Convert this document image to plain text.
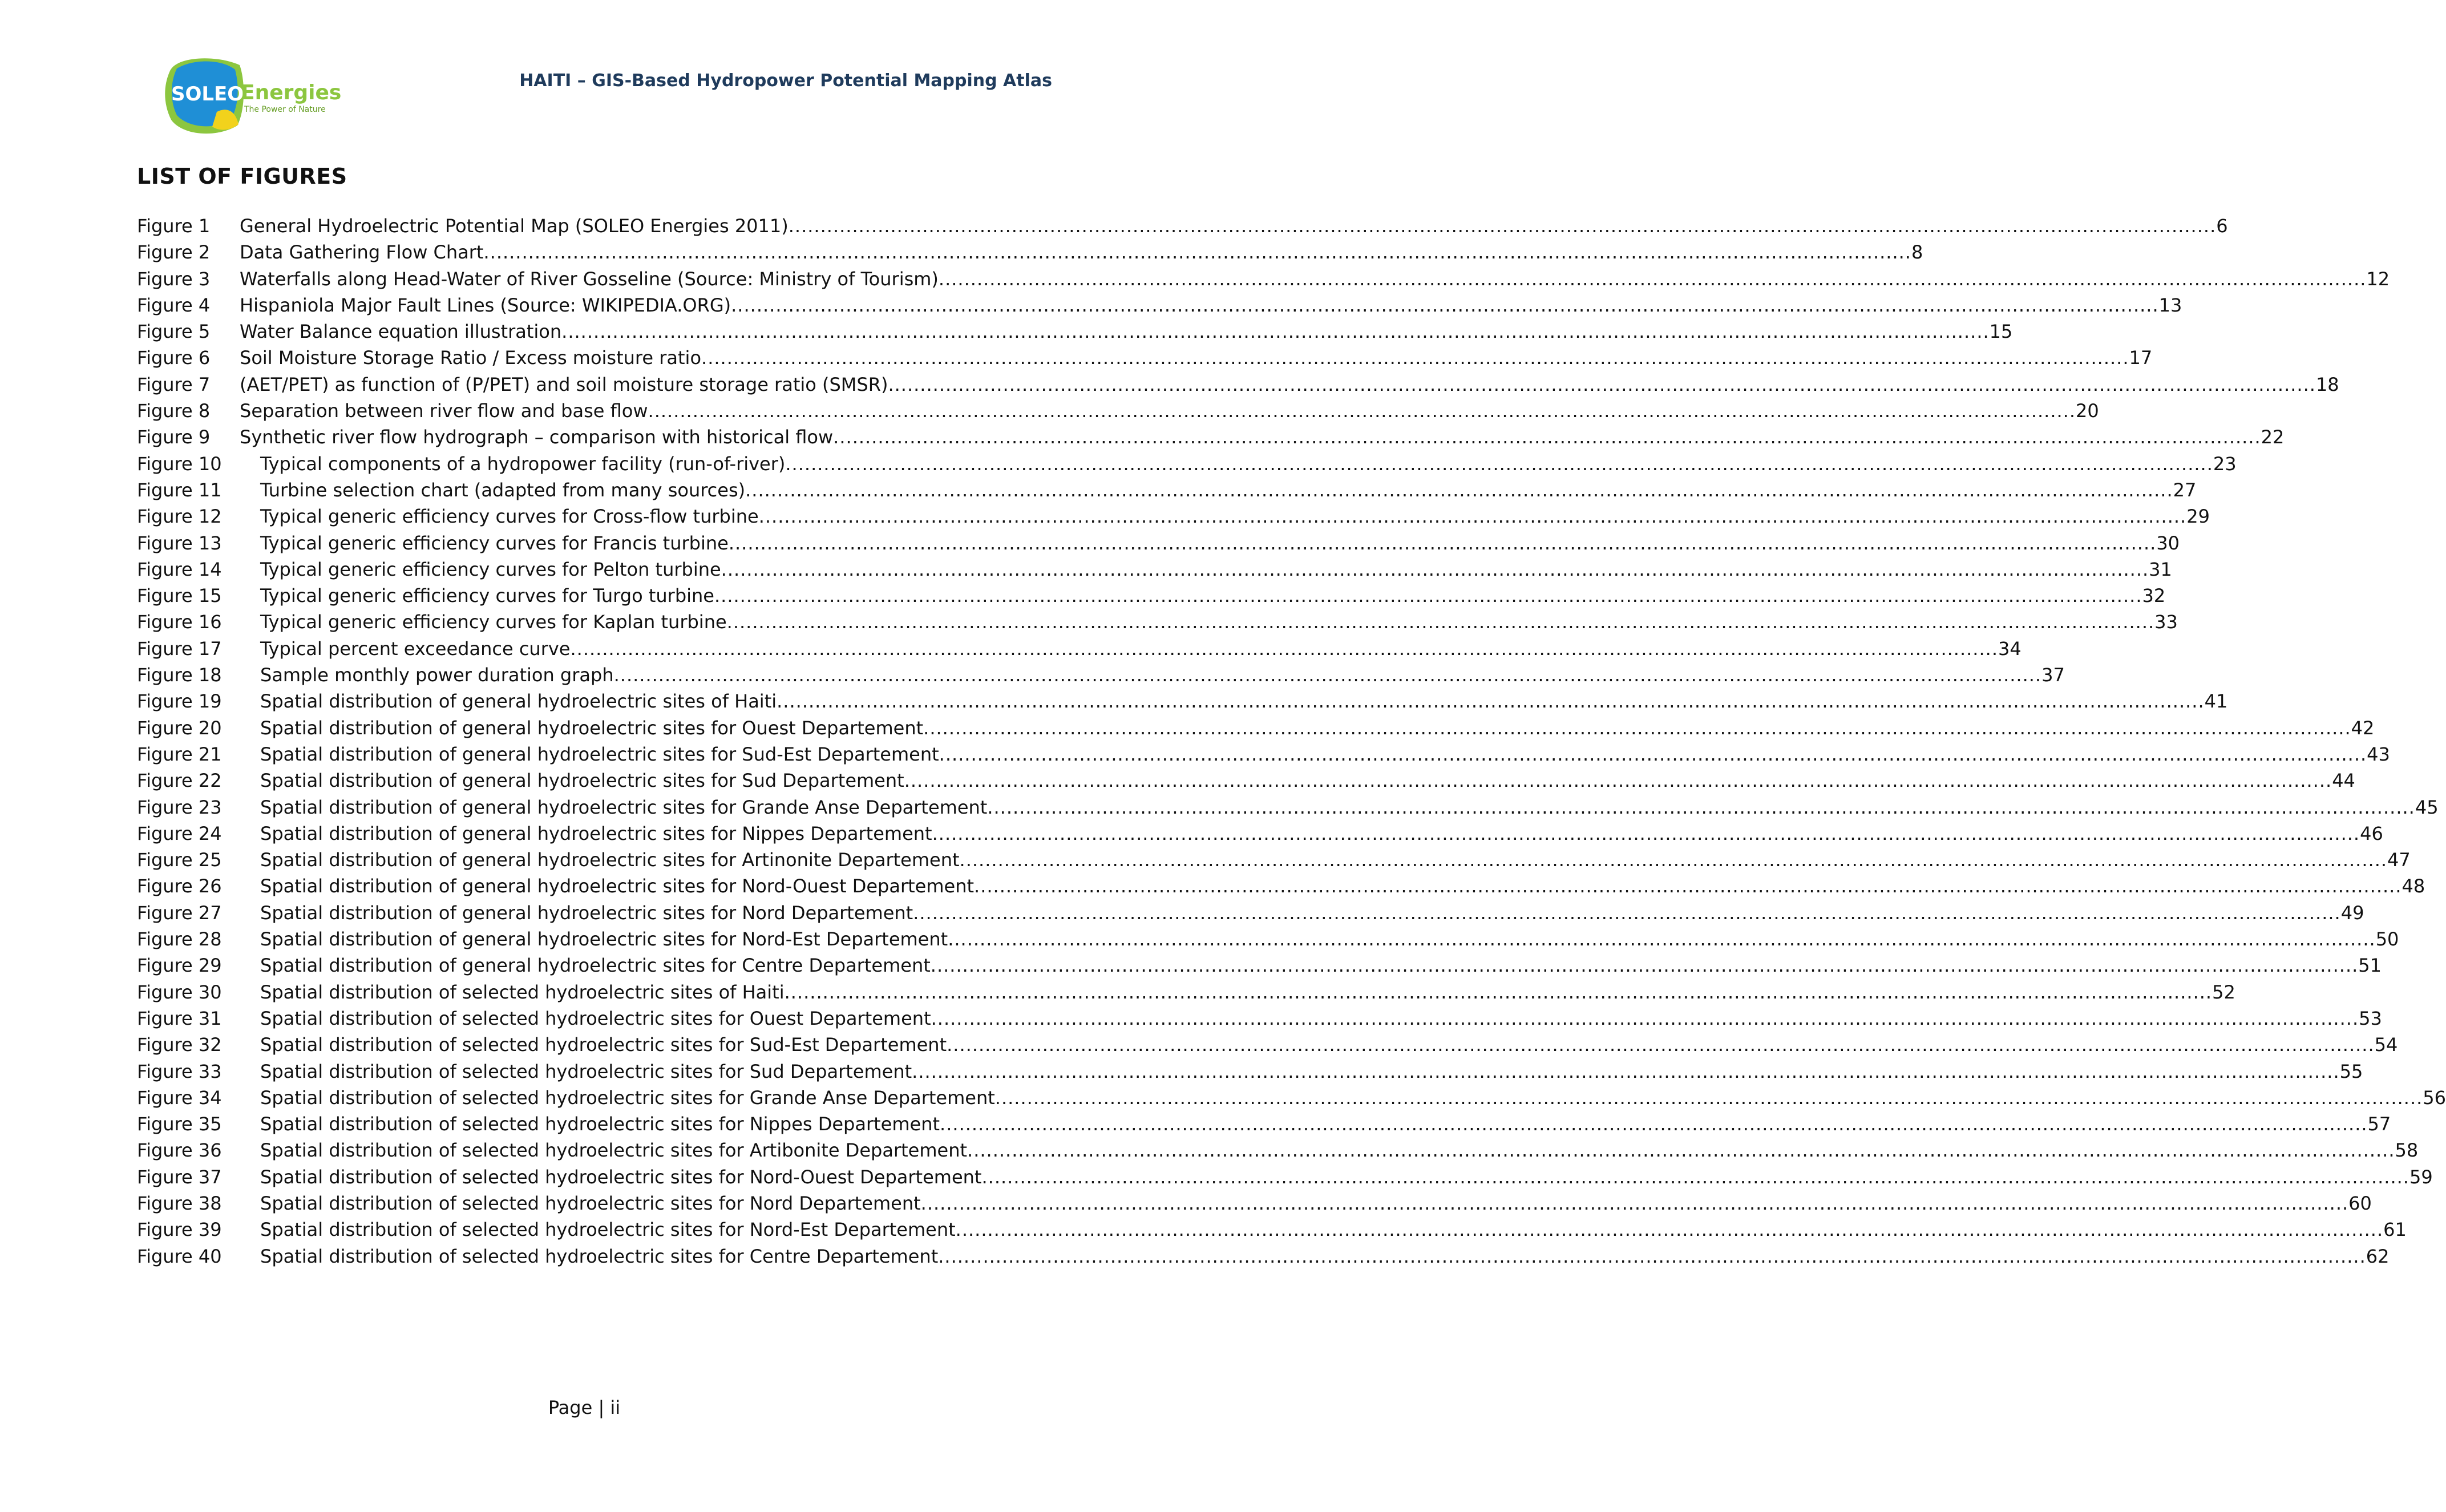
SOLEO
Energies
The Power of Nature
HAITI – GIS-Based Hydropower Potential Mapping Atlas
LIST OF FIGURES
Figure 1 General Hydroelectric Potential Map (SOLEO Energies 2011) .....	6
Figure 2 Data Gathering Flow Chart .....	8
Figure 3 Waterfalls along Head-Water of River Gosseline (Source: Ministry of Tourism) .....	12
Figure 4 Hispaniola Major Fault Lines (Source: WIKIPEDIA.ORG) .....	13
Figure 5 Water Balance equation illustration .....	15
Figure 6 Soil Moisture Storage Ratio / Excess moisture ratio .....	17
Figure 7 (AET/PET) as function of (P/PET) and soil moisture storage ratio (SMSR) .....	18
Figure 8 Separation between river flow and base flow .....	20
Figure 9 Synthetic river flow hydrograph – comparison with historical flow .....	22
Figure 10 Typical components of a hydropower facility (run-of-river) .....	23
Figure 11 Turbine selection chart (adapted from many sources) .....	27
Figure 12 Typical generic efficiency curves for Cross-flow turbine .....	29
Figure 13 Typical generic efficiency curves for Francis turbine .....	30
Figure 14 Typical generic efficiency curves for Pelton turbine .....	31
Figure 15 Typical generic efficiency curves for Turgo turbine .....	32
Figure 16 Typical generic efficiency curves for Kaplan turbine .....	33
Figure 17 Typical percent exceedance curve .....	34
Figure 18 Sample monthly power duration graph .....	37
Figure 19 Spatial distribution of general hydroelectric sites of Haiti .....	41
Figure 20 Spatial distribution of general hydroelectric sites for Ouest Departement .....	42
Figure 21 Spatial distribution of general hydroelectric sites for Sud-Est Departement .....	43
Figure 22 Spatial distribution of general hydroelectric sites for Sud Departement .....	44
Figure 23 Spatial distribution of general hydroelectric sites for Grande Anse Departement .....	45
Figure 24 Spatial distribution of general hydroelectric sites for Nippes Departement .....	46
Figure 25 Spatial distribution of general hydroelectric sites for Artinonite Departement .....	47
Figure 26 Spatial distribution of general hydroelectric sites for Nord-Ouest Departement .....	48
Figure 27 Spatial distribution of general hydroelectric sites for Nord Departement .....	49
Figure 28 Spatial distribution of general hydroelectric sites for Nord-Est Departement .....	50
Figure 29 Spatial distribution of general hydroelectric sites for Centre Departement .....	51
Figure 30 Spatial distribution of selected hydroelectric sites of Haiti .....	52
Figure 31 Spatial distribution of selected hydroelectric sites for Ouest Departement .....	53
Figure 32 Spatial distribution of selected hydroelectric sites for Sud-Est Departement .....	54
Figure 33 Spatial distribution of selected hydroelectric sites for Sud Departement .....	55
Figure 34 Spatial distribution of selected hydroelectric sites for Grande Anse Departement .....	56
Figure 35 Spatial distribution of selected hydroelectric sites for Nippes Departement .....	57
Figure 36 Spatial distribution of selected hydroelectric sites for Artibonite Departement .....	58
Figure 37 Spatial distribution of selected hydroelectric sites for Nord-Ouest Departement .....	59
Figure 38 Spatial distribution of selected hydroelectric sites for Nord Departement .....	60
Figure 39 Spatial distribution of selected hydroelectric sites for Nord-Est Departement .....	61
Figure 40 Spatial distribution of selected hydroelectric sites for Centre Departement .....	62
Page | ii
